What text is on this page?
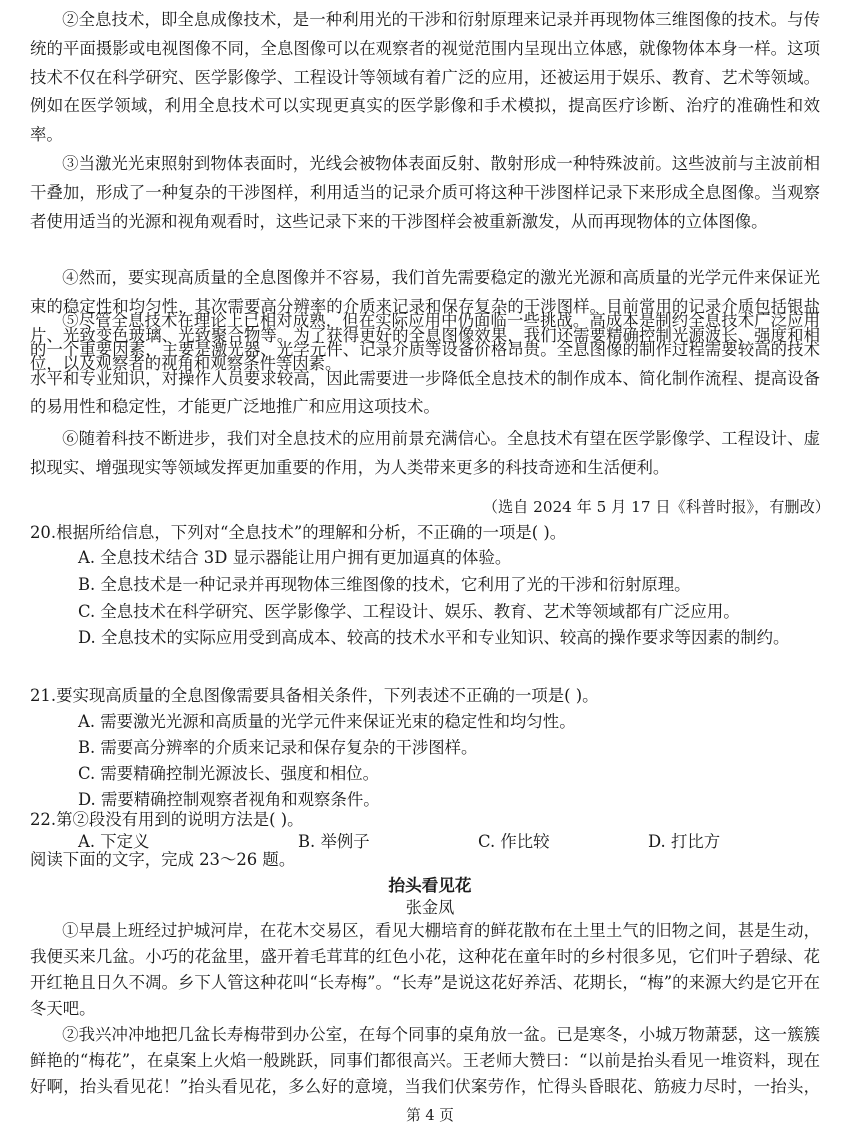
②全息技术，即全息成像技术，是一种利用光的干涉和衍射原理来记录并再现物体三维图像的技术。与传统的平面摄影或电视图像不同，全息图像可以在观察者的视觉范围内呈现出立体感，就像物体本身一样。这项技术不仅在科学研究、医学影像学、工程设计等领域有着广泛的应用，还被运用于娱乐、教育、艺术等领域。例如在医学领域，利用全息技术可以实现更真实的医学影像和手术模拟，提高医疗诊断、治疗的准确性和效率。

③当激光光束照射到物体表面时，光线会被物体表面反射、散射形成一种特殊波前。这些波前与主波前相干叠加，形成了一种复杂的干涉图样，利用适当的记录介质可将这种干涉图样记录下来形成全息图像。当观察者使用适当的光源和视角观看时，这些记录下来的干涉图样会被重新激发，从而再现物体的立体图像。

④然而，要实现高质量的全息图像并不容易，我们首先需要稳定的激光光源和高质量的光学元件来保证光束的稳定性和均匀性，其次需要高分辨率的介质来记录和保存复杂的干涉图样。目前常用的记录介质包括银盐片、光致变色玻璃、光致聚合物等。为了获得更好的全息图像效果，我们还需要精确控制光源波长、强度和相位，以及观察者的视角和观察条件等因素。

⑤尽管全息技术在理论上已相对成熟，但在实际应用中仍面临一些挑战。高成本是制约全息技术广泛应用的一个重要因素，主要是激光器、光学元件、记录介质等设备价格昂贵。全息图像的制作过程需要较高的技术水平和专业知识，对操作人员要求较高，因此需要进一步降低全息技术的制作成本、简化制作流程、提高设备的易用性和稳定性，才能更广泛地推广和应用这项技术。

⑥随着科技不断进步，我们对全息技术的应用前景充满信心。全息技术有望在医学影像学、工程设计、虚拟现实、增强现实等领域发挥更加重要的作用，为人类带来更多的科技奇迹和生活便利。

（选自 2024 年 5 月 17 日《科普时报》，有删改）

20.根据所给信息，下列对“全息技术”的理解和分析，不正确的一项是( )。

A. 全息技术结合 3D 显示器能让用户拥有更加逼真的体验。

B. 全息技术是一种记录并再现物体三维图像的技术，它利用了光的干涉和衍射原理。

C. 全息技术在科学研究、医学影像学、工程设计、娱乐、教育、艺术等领域都有广泛应用。

D. 全息技术的实际应用受到高成本、较高的技术水平和专业知识、较高的操作要求等因素的制约。

21.要实现高质量的全息图像需要具备相关条件，下列表述不正确的一项是( )。

A. 需要激光光源和高质量的光学元件来保证光束的稳定性和均匀性。

B. 需要高分辨率的介质来记录和保存复杂的干涉图样。

C. 需要精确控制光源波长、强度和相位。

D. 需要精确控制观察者视角和观察条件。

22.第②段没有用到的说明方法是( )。

A. 下定义	B. 举例子	C. 作比较	D. 打比方

阅读下面的文字，完成 23～26 题。

抬头看见花

张金凤

①早晨上班经过护城河岸，在花木交易区，看见大棚培育的鲜花散布在土里土气的旧物之间，甚是生动，我便买来几盆。小巧的花盆里，盛开着毛茸茸的红色小花，这种花在童年时的乡村很多见，它们叶子碧绿、花开红艳且日久不凋。乡下人管这种花叫“长寿梅”。“长寿”是说这花好养活、花期长，“梅”的来源大约是它开在冬天吧。

②我兴冲冲地把几盆长寿梅带到办公室，在每个同事的桌角放一盆。已是寒冬，小城万物萧瑟，这一簇簇鲜艳的“梅花”，在桌案上火焰一般跳跃，同事们都很高兴。王老师大赞曰：“以前是抬头看见一堆资料，现在好啊，抬头看见花！”抬头看见花，多么好的意境，当我们伏案劳作，忙得头昏眼花、筋疲力尽时，一抬头，

第 4 页
